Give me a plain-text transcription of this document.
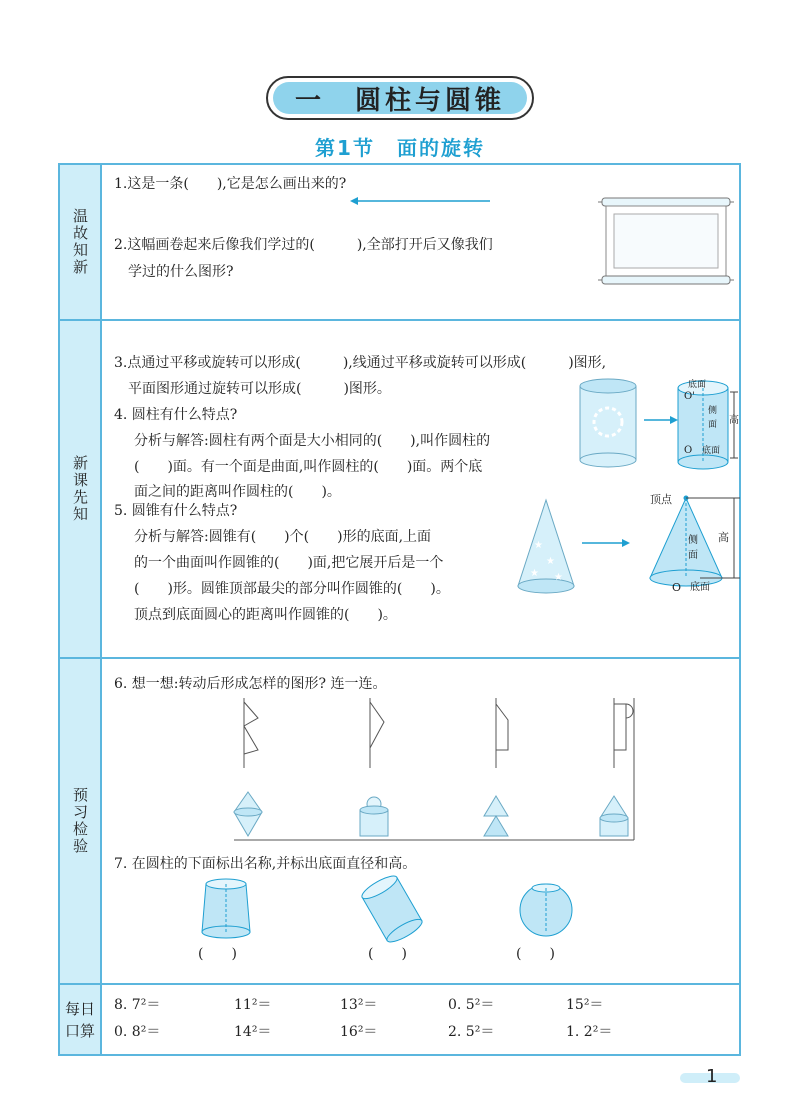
一　圆柱与圆锥
第1节　面的旋转
温故知新
新课先知
预习检验
每日口算
1.这是一条(　　),它是怎么画出来的?
2.这幅画卷起来后像我们学过的(　　　),全部打开后又像我们
学过的什么图形?
3.点通过平移或旋转可以形成(　　　),线通过平移或旋转可以形成(　　　)图形,
平面图形通过旋转可以形成(　　　)图形。
4. 圆柱有什么特点?
分析与解答:圆柱有两个面是大小相同的(　　),叫作圆柱的
(　　)面。有一个面是曲面,叫作圆柱的(　　)面。两个底
面之间的距离叫作圆柱的(　　)。
底面
O'
侧
面 高
O 底面
5. 圆锥有什么特点?
分析与解答:圆锥有(　　)个(　　)形的底面,上面
的一个曲面叫作圆锥的(　　)面,把它展开后是一个
(　　)形。圆锥顶部最尖的部分叫作圆锥的(　　)。
顶点到底面圆心的距离叫作圆锥的(　　)。
★
★
★ ★
顶点
侧
面
高
O 底面
6. 想一想:转动后形成怎样的图形? 连一连。
7. 在圆柱的下面标出名称,并标出底面直径和高。
(　　)	(　　)	(　　)
8. 7²＝	11²＝	13²＝	0. 5²＝	15²＝
0. 8²＝	14²＝	16²＝	2. 5²＝	1. 2²＝
1
